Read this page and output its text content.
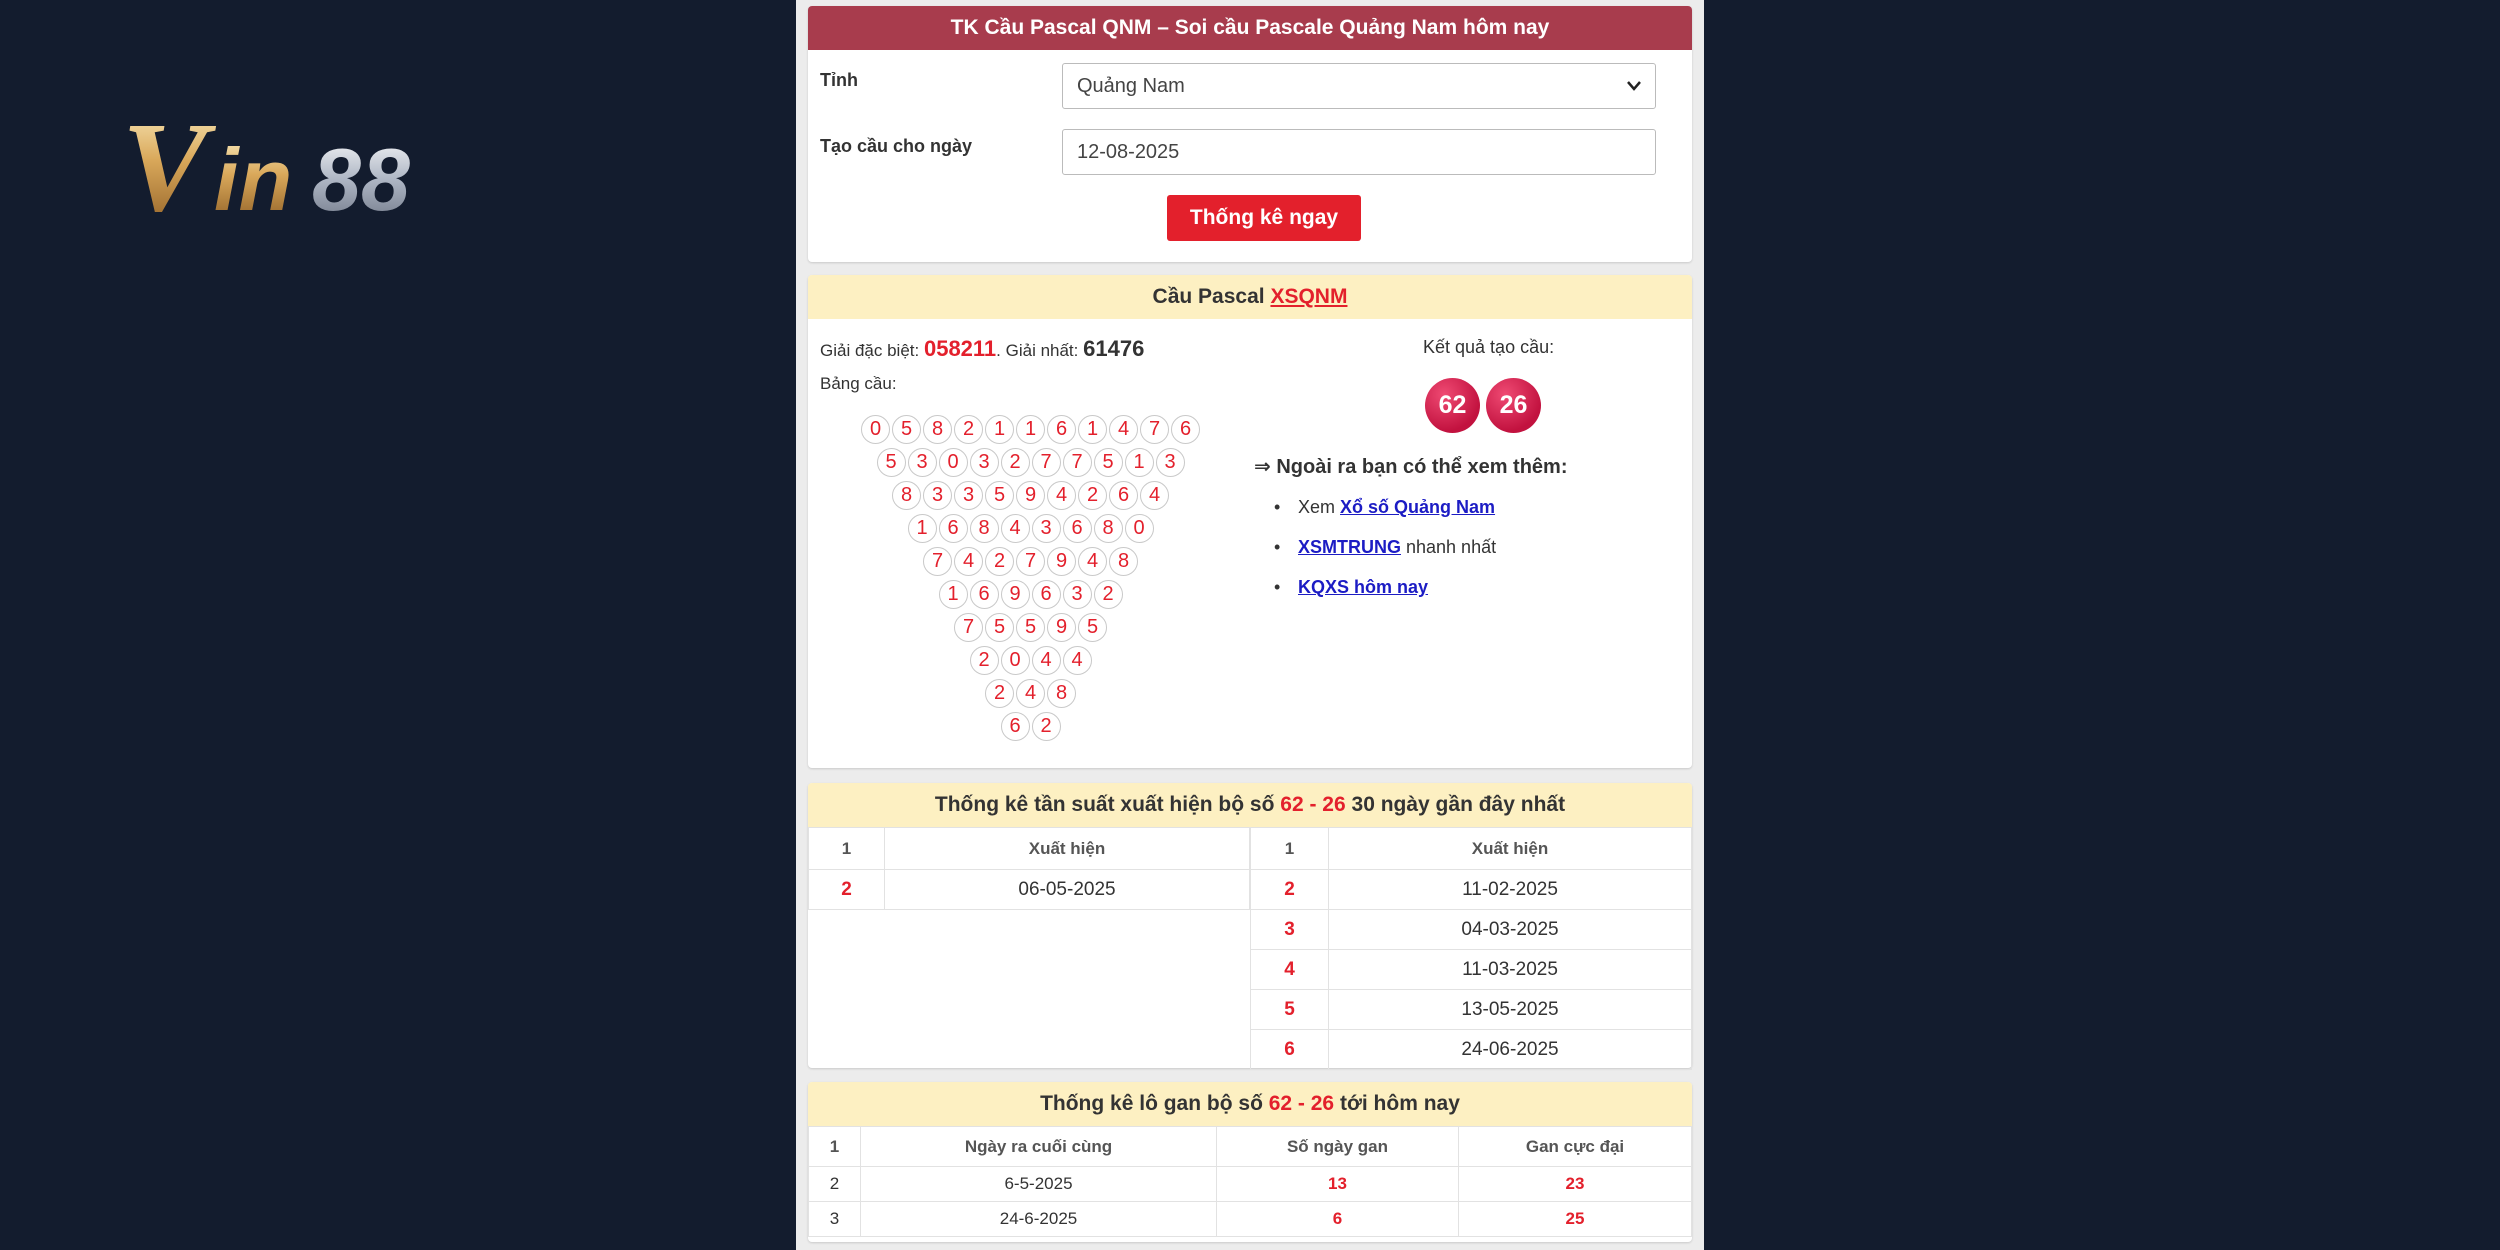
V in 88
TK Cầu Pascal QNM – Soi cầu Pascale Quảng Nam hôm nay
Tỉnh	Quảng Nam
Tạo cầu cho ngày	12-08-2025
Thống kê ngay
Cầu Pascal XSQNM
Giải đặc biệt: 058211. Giải nhất: 61476
Bảng cầu:
0 5 8 2 1 1 6 1 4 7 6
5 3 0 3 2 7 7 5 1 3
8 3 3 5 9 4 2 6 4
1 6 8 4 3 6 8 0
7 4 2 7 9 4 8
1 6 9 6 3 2
7 5 5 9 5
2 0 4 4
2 4 8
6 2
Kết quả tạo cầu:
62	26
⇒ Ngoài ra bạn có thể xem thêm:
• Xem Xổ số Quảng Nam
• XSMTRUNG nhanh nhất
• KQXS hôm nay
Thống kê tần suất xuất hiện bộ số 62 - 26 30 ngày gần đây nhất
1	Xuất hiện
2	06-05-2025
1	Xuất hiện
2	11-02-2025
3	04-03-2025
4	11-03-2025
5	13-05-2025
6	24-06-2025
Thống kê lô gan bộ số 62 - 26 tới hôm nay
1	Ngày ra cuối cùng	Số ngày gan	Gan cực đại
2	6-5-2025	13	23
3	24-6-2025	6	25
